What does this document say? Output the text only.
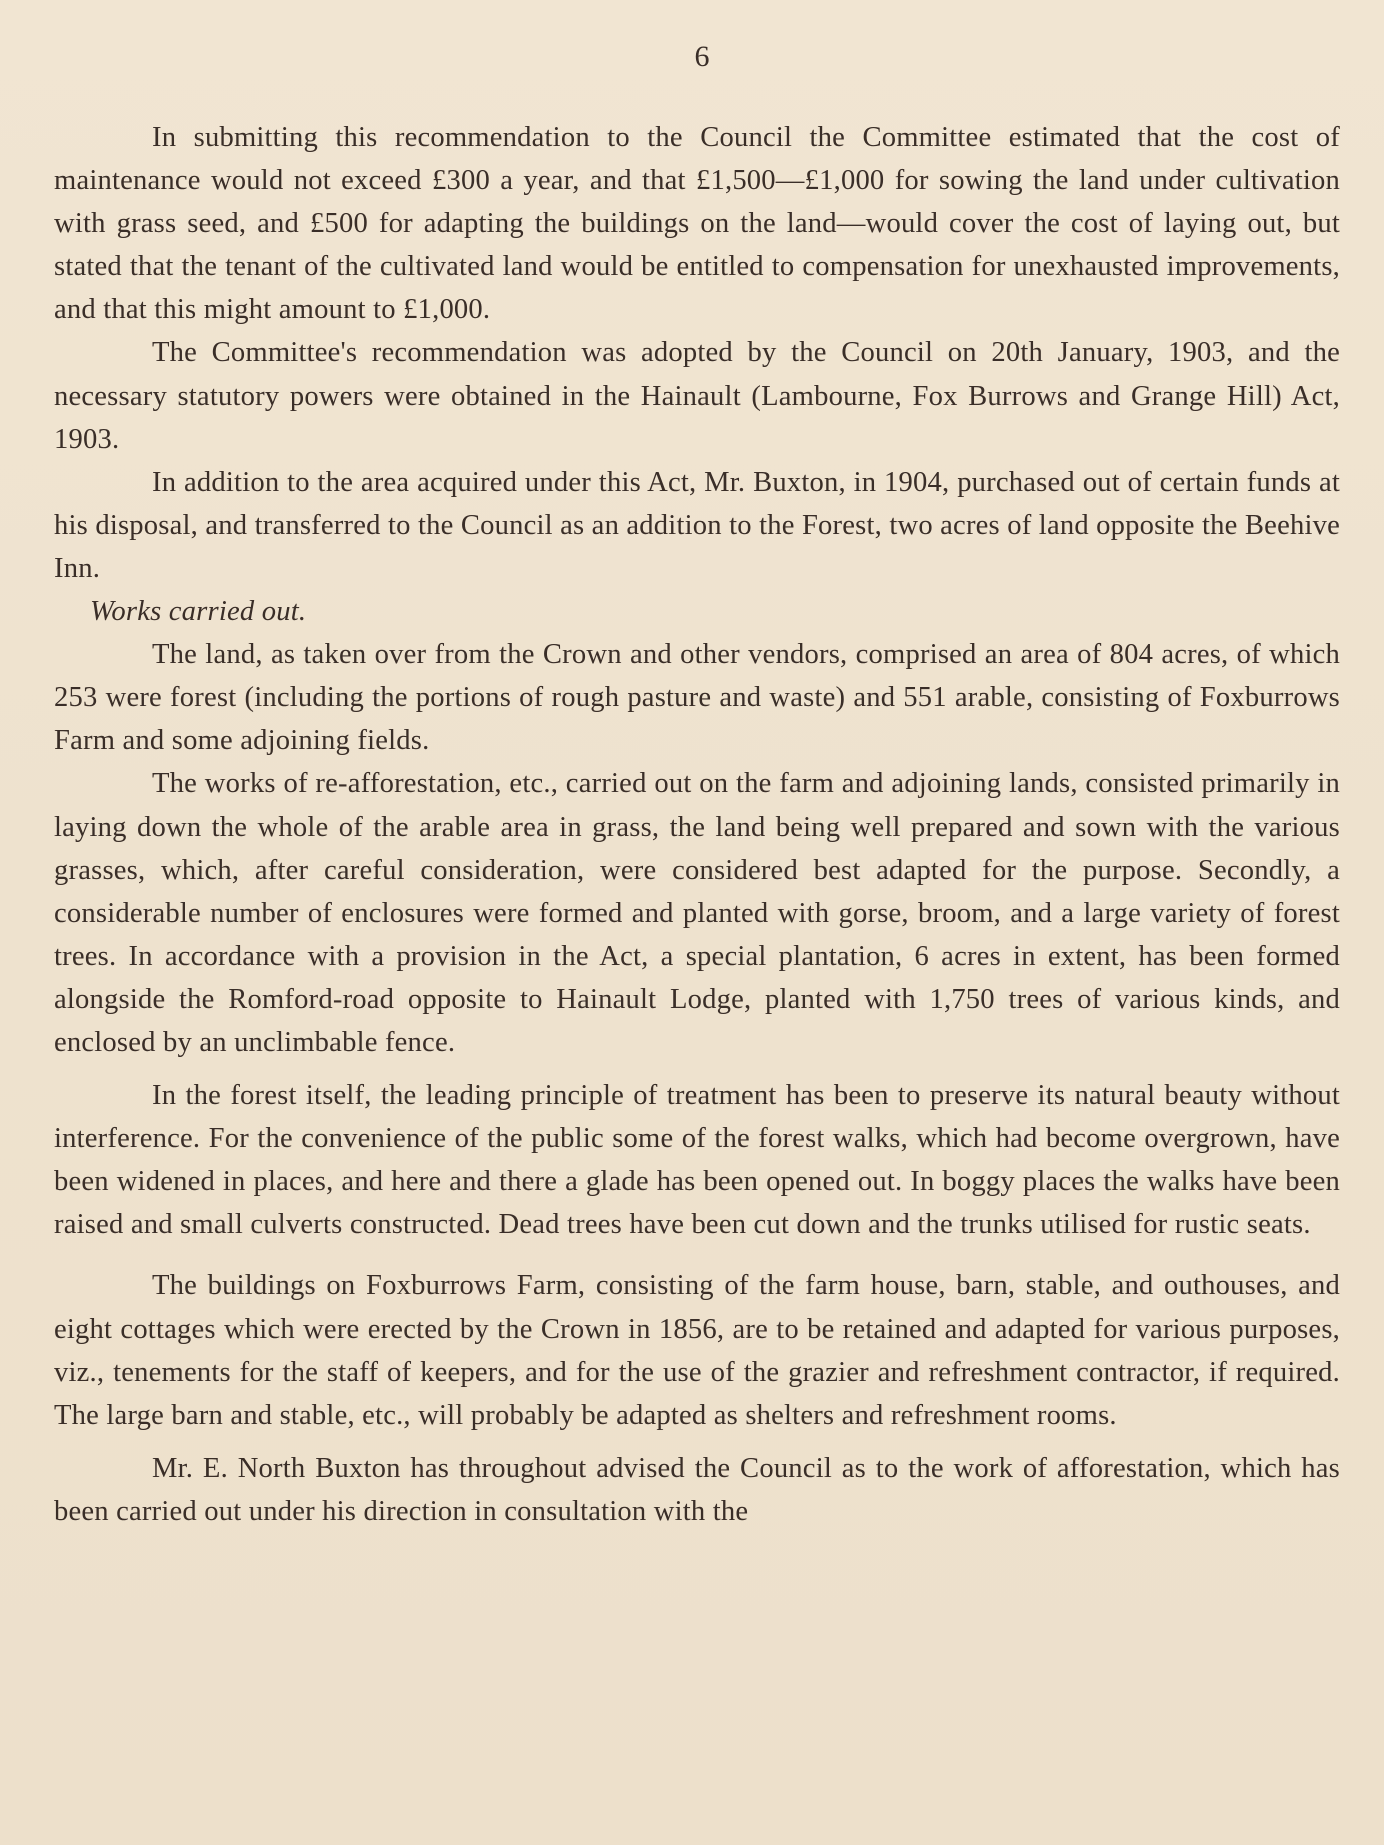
6

In submitting this recommendation to the Council the Committee estimated that the cost of maintenance would not exceed £300 a year, and that £1,500—£1,000 for sowing the land under cultivation with grass seed, and £500 for adapting the buildings on the land—would cover the cost of laying out, but stated that the tenant of the cultivated land would be entitled to compensation for unexhausted improvements, and that this might amount to £1,000.

The Committee's recommendation was adopted by the Council on 20th January, 1903, and the necessary statutory powers were obtained in the Hainault (Lambourne, Fox Burrows and Grange Hill) Act, 1903.

In addition to the area acquired under this Act, Mr. Buxton, in 1904, purchased out of certain funds at his disposal, and transferred to the Council as an addition to the Forest, two acres of land opposite the Beehive Inn.

Works carried out.

The land, as taken over from the Crown and other vendors, comprised an area of 804 acres, of which 253 were forest (including the portions of rough pasture and waste) and 551 arable, consisting of Foxburrows Farm and some adjoining fields.

The works of re-afforestation, etc., carried out on the farm and adjoining lands, consisted primarily in laying down the whole of the arable area in grass, the land being well prepared and sown with the various grasses, which, after careful consideration, were considered best adapted for the purpose. Secondly, a considerable number of enclosures were formed and planted with gorse, broom, and a large variety of forest trees. In accordance with a provision in the Act, a special plantation, 6 acres in extent, has been formed alongside the Romford-road opposite to Hainault Lodge, planted with 1,750 trees of various kinds, and enclosed by an unclimbable fence.

In the forest itself, the leading principle of treatment has been to preserve its natural beauty without interference. For the convenience of the public some of the forest walks, which had become overgrown, have been widened in places, and here and there a glade has been opened out. In boggy places the walks have been raised and small culverts constructed. Dead trees have been cut down and the trunks utilised for rustic seats.

The buildings on Foxburrows Farm, consisting of the farm house, barn, stable, and outhouses, and eight cottages which were erected by the Crown in 1856, are to be retained and adapted for various purposes, viz., tenements for the staff of keepers, and for the use of the grazier and refreshment contractor, if required. The large barn and stable, etc., will probably be adapted as shelters and refreshment rooms.

Mr. E. North Buxton has throughout advised the Council as to the work of afforestation, which has been carried out under his direction in consultation with the
